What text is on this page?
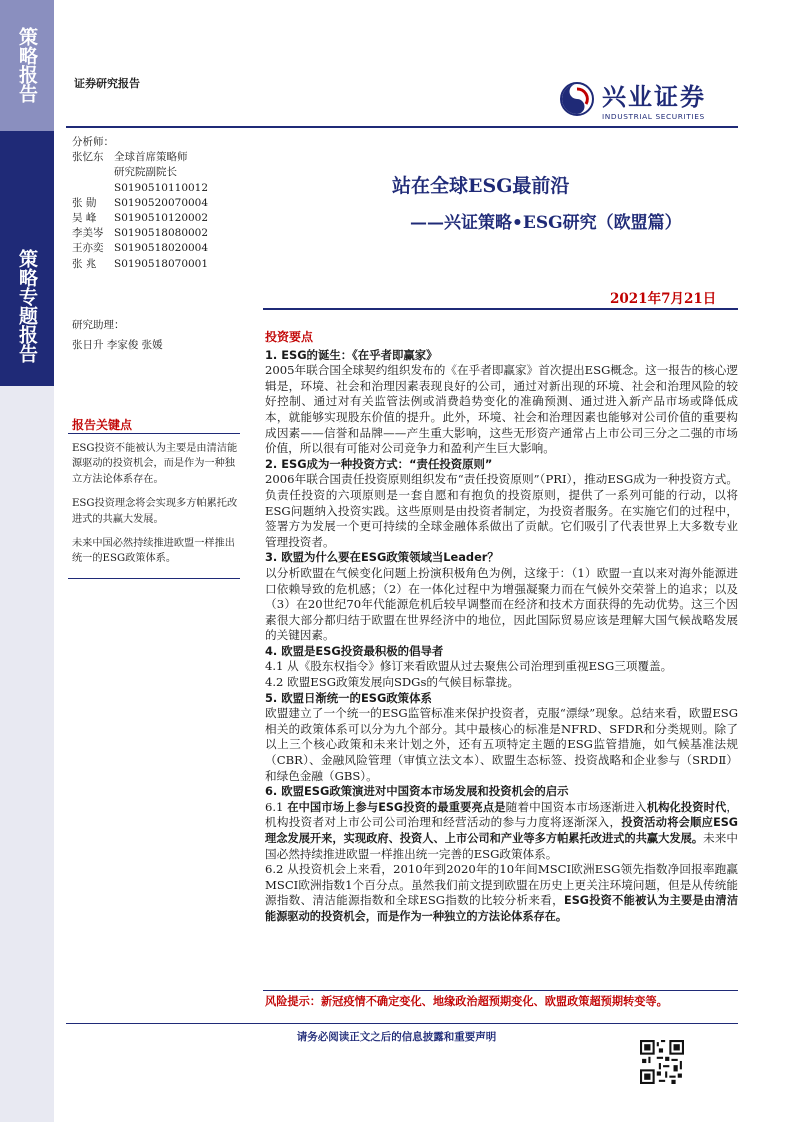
策略报告
策略专题报告
证券研究报告	兴业证券
INDUSTRIAL SECURITIES
分析师：
张忆东	全球首席策略师
研究院副院长
S0190510110012
张 勋	S0190520070004
吴 峰	S0190510120002
李美岑	S0190518080002
王亦奕	S0190518020004
张 兆	S0190518070001
研究助理：
张日升 李家俊 张媛
报告关键点

ESG投资不能被认为主要是由清洁能源驱动的投资机会，而是作为一种独立方法论体系存在。

ESG投资理念将会实现多方帕累托改进式的共赢大发展。

未来中国必然持续推进欧盟一样推出统一的ESG政策体系。

站在全球ESG最前沿
——兴证策略•ESG研究（欧盟篇）
2021年7月21日
投资要点
1. ESG的诞生：《在乎者即赢家》

2005年联合国全球契约组织发布的《在乎者即赢家》首次提出ESG概念。这一报告的核心逻辑是，环境、社会和治理因素表现良好的公司，通过对新出现的环境、社会和治理风险的较好控制、通过对有关监管法例或消费趋势变化的准确预测、通过进入新产品市场或降低成本，就能够实现股东价值的提升。此外，环境、社会和治理因素也能够对公司价值的重要构成因素——信誉和品牌——产生重大影响，这些无形资产通常占上市公司三分之二强的市场价值，所以很有可能对公司竞争力和盈利产生巨大影响。

2. ESG成为一种投资方式：“责任投资原则”

2006年联合国责任投资原则组织发布“责任投资原则”（PRI），推动ESG成为一种投资方式。负责任投资的六项原则是一套自愿和有抱负的投资原则，提供了一系列可能的行动，以将ESG问题纳入投资实践。这些原则是由投资者制定，为投资者服务。在实施它们的过程中，签署方为发展一个更可持续的全球金融体系做出了贡献。它们吸引了代表世界上大多数专业管理投资者。

3. 欧盟为什么要在ESG政策领域当Leader？

以分析欧盟在气候变化问题上扮演积极角色为例，这缘于：（1）欧盟一直以来对海外能源进口依赖导致的危机感；（2）在一体化过程中为增强凝聚力而在气候外交荣誉上的追求；以及（3）在20世纪70年代能源危机后较早调整而在经济和技术方面获得的先动优势。这三个因素很大部分都归结于欧盟在世界经济中的地位，因此国际贸易应该是理解大国气候战略发展的关键因素。

4. 欧盟是ESG投资最积极的倡导者

4.1 从《股东权指令》修订来看欧盟从过去聚焦公司治理到重视ESG三项覆盖。

4.2 欧盟ESG政策发展向SDGs的气候目标靠拢。

5. 欧盟日渐统一的ESG政策体系

欧盟建立了一个统一的ESG监管标准来保护投资者，克服“漂绿”现象。总结来看，欧盟ESG相关的政策体系可以分为九个部分。其中最核心的标准是NFRD、SFDR和分类规则。除了以上三个核心政策和未来计划之外，还有五项特定主题的ESG监管措施，如气候基准法规（CBR）、金融风险管理（审慎立法文本）、欧盟生态标签、投资战略和企业参与（SRDⅡ）和绿色金融（GBS）。

6. 欧盟ESG政策演进对中国资本市场发展和投资机会的启示

6.1 在中国市场上参与ESG投资的最重要亮点是随着中国资本市场逐渐进入机构化投资时代，机构投资者对上市公司公司治理和经营活动的参与力度将逐渐深入，投资活动将会顺应ESG理念发展开来，实现政府、投资人、上市公司和产业等多方帕累托改进式的共赢大发展。未来中国必然持续推进欧盟一样推出统一完善的ESG政策体系。

6.2 从投资机会上来看，2010年到2020年的10年间MSCI欧洲ESG领先指数净回报率跑赢MSCI欧洲指数1个百分点。虽然我们前文提到欧盟在历史上更关注环境问题，但是从传统能源指数、清洁能源指数和全球ESG指数的比较分析来看，ESG投资不能被认为主要是由清洁能源驱动的投资机会，而是作为一种独立的方法论体系存在。

风险提示：新冠疫情不确定变化、地缘政治超预期变化、欧盟政策超预期转变等。
请务必阅读正文之后的信息披露和重要声明
